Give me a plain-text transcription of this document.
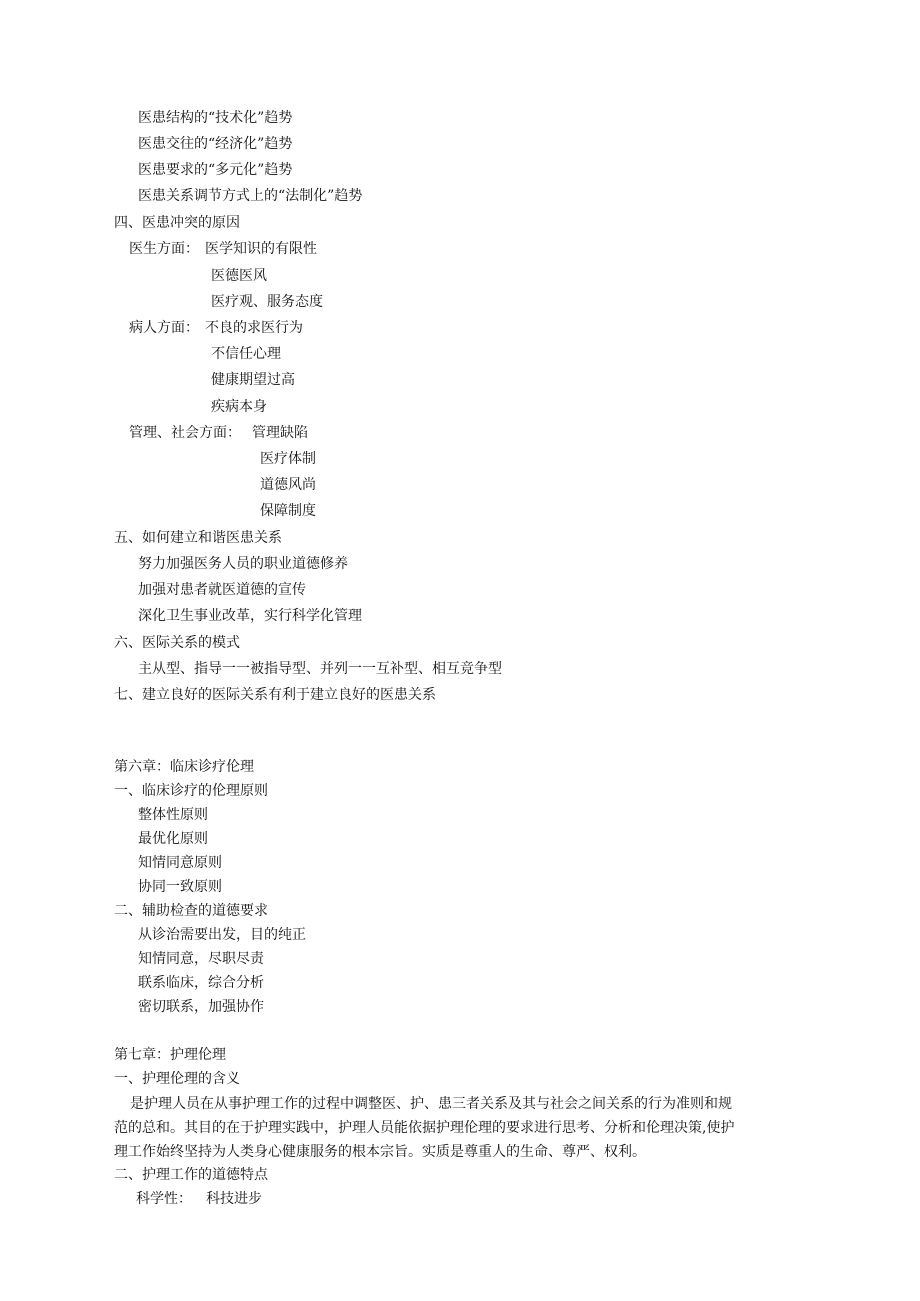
医患结构的“技术化”趋势
医患交往的“经济化”趋势
医患要求的“多元化”趋势
医患关系调节方式上的“法制化”趋势
四、医患冲突的原因
医生方面： 医学知识的有限性
医德医风
医疗观、服务态度
病人方面： 不良的求医行为
不信任心理
健康期望过高
疾病本身
管理、社会方面： 管理缺陷
医疗体制
道德风尚
保障制度
五、如何建立和谐医患关系
努力加强医务人员的职业道德修养
加强对患者就医道德的宣传
深化卫生事业改革，实行科学化管理
六、医际关系的模式
主从型、指导一一被指导型、并列一一互补型、相互竞争型
七、建立良好的医际关系有利于建立良好的医患关系
第六章：临床诊疗伦理
一、临床诊疗的伦理原则
整体性原则
最优化原则
知情同意原则
协同一致原则
二、辅助检查的道德要求
从诊治需要出发，目的纯正
知情同意，尽职尽责
联系临床，综合分析
密切联系，加强协作
第七章：护理伦理
一、护理伦理的含义
是护理人员在从事护理工作的过程中调整医、护、患三者关系及其与社会之间关系的行为准则和规
范的总和。其目的在于护理实践中，护理人员能依据护理伦理的要求进行思考、分析和伦理决策,使护
理工作始终坚持为人类身心健康服务的根本宗旨。实质是尊重人的生命、尊严、权利。
二、护理工作的道德特点
科学性： 科技进步
